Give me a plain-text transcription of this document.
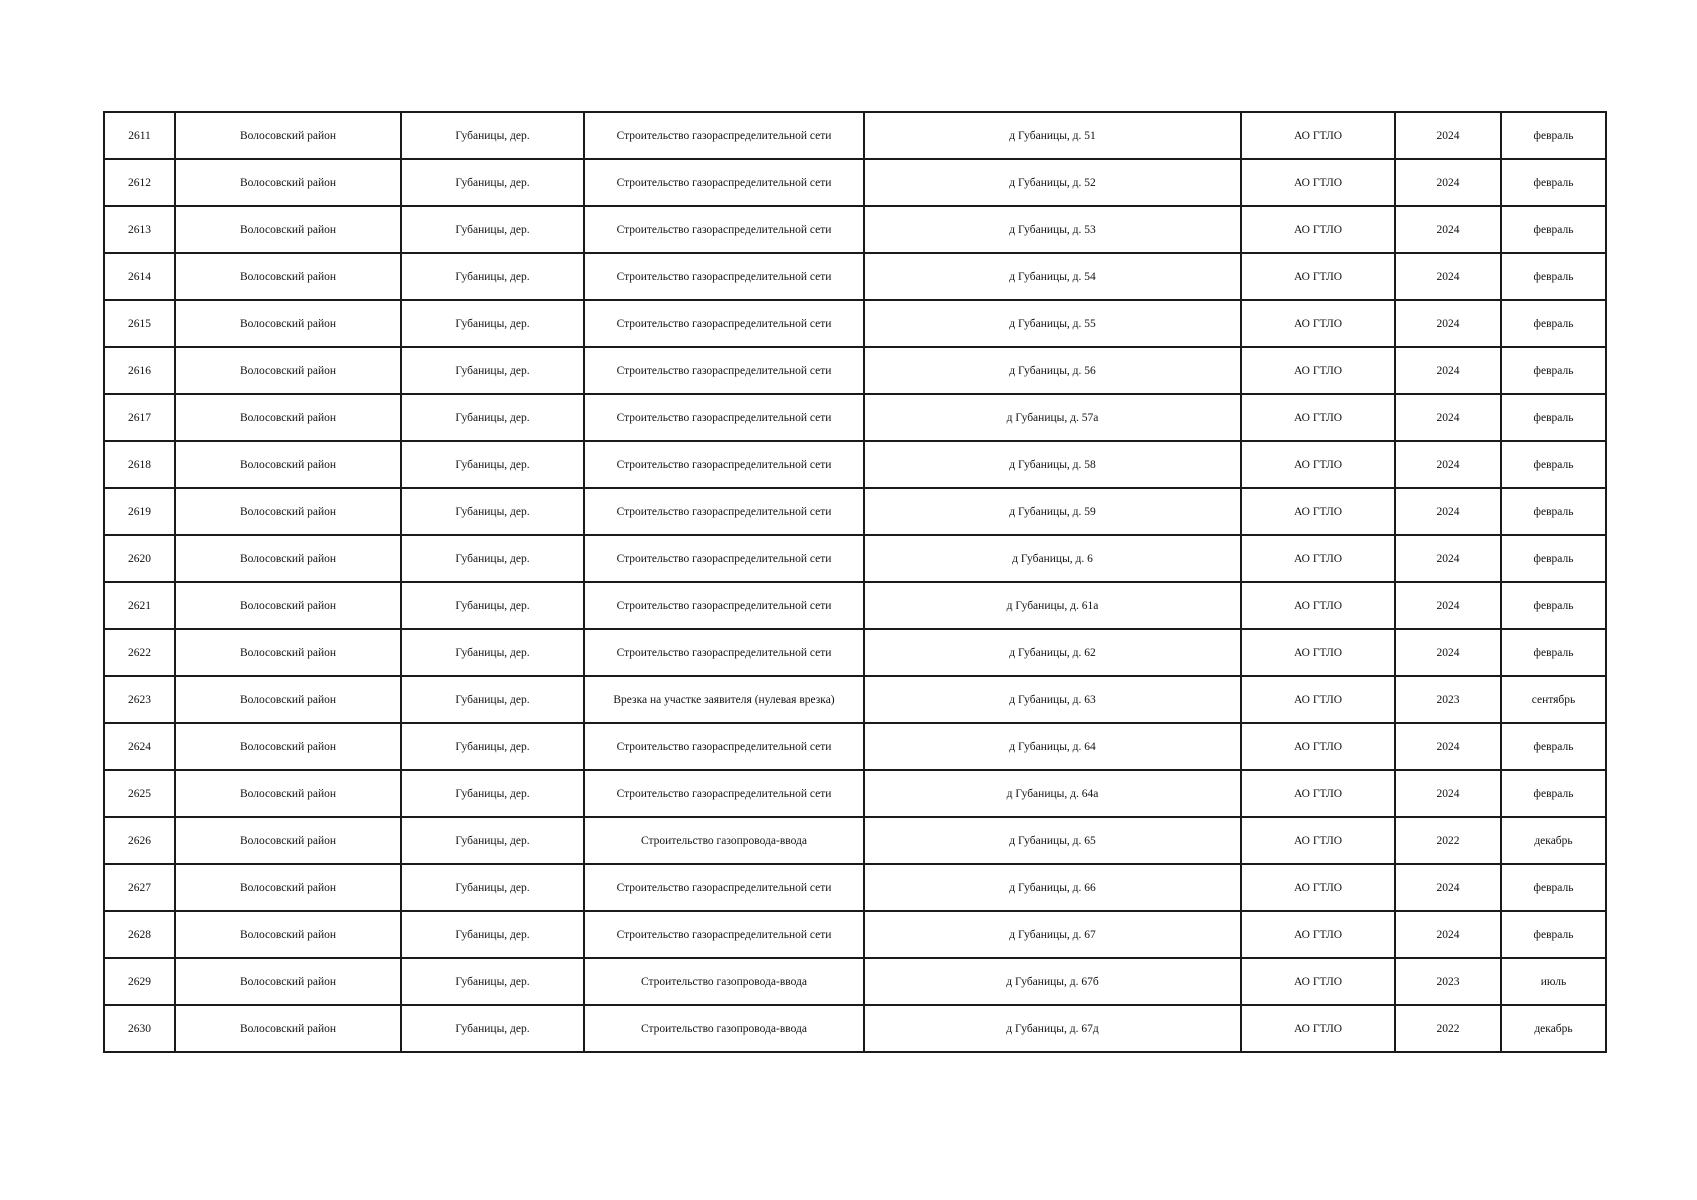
2611	Волосовский район	Губаницы, дер.	Строительство газораспределительной сети	д Губаницы, д. 51	АО ГТЛО	2024	февраль
2612	Волосовский район	Губаницы, дер.	Строительство газораспределительной сети	д Губаницы, д. 52	АО ГТЛО	2024	февраль
2613	Волосовский район	Губаницы, дер.	Строительство газораспределительной сети	д Губаницы, д. 53	АО ГТЛО	2024	февраль
2614	Волосовский район	Губаницы, дер.	Строительство газораспределительной сети	д Губаницы, д. 54	АО ГТЛО	2024	февраль
2615	Волосовский район	Губаницы, дер.	Строительство газораспределительной сети	д Губаницы, д. 55	АО ГТЛО	2024	февраль
2616	Волосовский район	Губаницы, дер.	Строительство газораспределительной сети	д Губаницы, д. 56	АО ГТЛО	2024	февраль
2617	Волосовский район	Губаницы, дер.	Строительство газораспределительной сети	д Губаницы, д. 57а	АО ГТЛО	2024	февраль
2618	Волосовский район	Губаницы, дер.	Строительство газораспределительной сети	д Губаницы, д. 58	АО ГТЛО	2024	февраль
2619	Волосовский район	Губаницы, дер.	Строительство газораспределительной сети	д Губаницы, д. 59	АО ГТЛО	2024	февраль
2620	Волосовский район	Губаницы, дер.	Строительство газораспределительной сети	д Губаницы, д. 6	АО ГТЛО	2024	февраль
2621	Волосовский район	Губаницы, дер.	Строительство газораспределительной сети	д Губаницы, д. 61а	АО ГТЛО	2024	февраль
2622	Волосовский район	Губаницы, дер.	Строительство газораспределительной сети	д Губаницы, д. 62	АО ГТЛО	2024	февраль
2623	Волосовский район	Губаницы, дер.	Врезка на участке заявителя (нулевая врезка)	д Губаницы, д. 63	АО ГТЛО	2023	сентябрь
2624	Волосовский район	Губаницы, дер.	Строительство газораспределительной сети	д Губаницы, д. 64	АО ГТЛО	2024	февраль
2625	Волосовский район	Губаницы, дер.	Строительство газораспределительной сети	д Губаницы, д. 64а	АО ГТЛО	2024	февраль
2626	Волосовский район	Губаницы, дер.	Строительство газопровода-ввода	д Губаницы, д. 65	АО ГТЛО	2022	декабрь
2627	Волосовский район	Губаницы, дер.	Строительство газораспределительной сети	д Губаницы, д. 66	АО ГТЛО	2024	февраль
2628	Волосовский район	Губаницы, дер.	Строительство газораспределительной сети	д Губаницы, д. 67	АО ГТЛО	2024	февраль
2629	Волосовский район	Губаницы, дер.	Строительство газопровода-ввода	д Губаницы, д. 67б	АО ГТЛО	2023	июль
2630	Волосовский район	Губаницы, дер.	Строительство газопровода-ввода	д Губаницы, д. 67д	АО ГТЛО	2022	декабрь
